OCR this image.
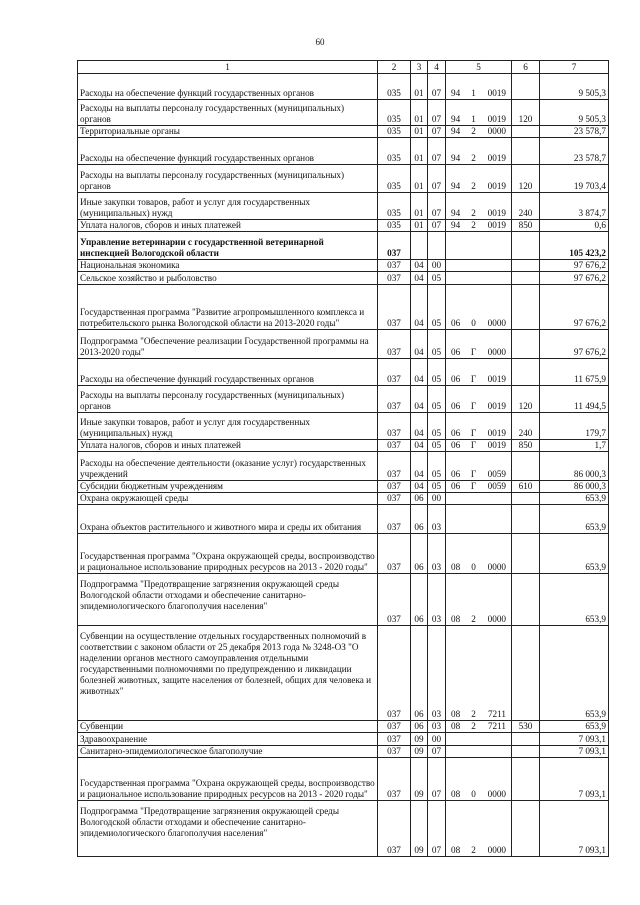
60
1	2	3	4	5	6	7
Расходы на обеспечение функций государственных органов	035	01	07	94 1 0019		9 505,3
Расходы на выплаты персоналу государственных (муниципальных) органов	035	01	07	94 1 0019	120	9 505,3
Территориальные органы	035	01	07	94 2 0000		23 578,7
Расходы на обеспечение функций государственных органов	035	01	07	94 2 0019		23 578,7
Расходы на выплаты персоналу государственных (муниципальных) органов	035	01	07	94 2 0019	120	19 703,4
Иные закупки товаров, работ и услуг для государственных (муниципальных) нужд	035	01	07	94 2 0019	240	3 874,7
Уплата налогов, сборов и иных платежей	035	01	07	94 2 0019	850	0,6
Управление ветеринарии с государственной ветеринарной инспекцией Вологодской области	037					105 423,2
Национальная экономика	037	04	00			97 676,2
Сельское хозяйство и рыболовство	037	04	05			97 676,2
Государственная программа "Развитие агропромышленного комплекса и потребительского рынка Вологодской области на 2013-2020 годы"	037	04	05	06 0 0000		97 676,2
Подпрограмма "Обеспечение реализации Государственной программы на 2013-2020 годы"	037	04	05	06 Г 0000		97 676,2
Расходы на обеспечение функций государственных органов	037	04	05	06 Г 0019		11 675,9
Расходы на выплаты персоналу государственных (муниципальных) органов	037	04	05	06 Г 0019	120	11 494,5
Иные закупки товаров, работ и услуг для государственных (муниципальных) нужд	037	04	05	06 Г 0019	240	179,7
Уплата налогов, сборов и иных платежей	037	04	05	06 Г 0019	850	1,7
Расходы на обеспечение деятельности (оказание услуг) государственных учреждений	037	04	05	06 Г 0059		86 000,3
Субсидии бюджетным учреждениям	037	04	05	06 Г 0059	610	86 000,3
Охрана окружающей среды	037	06	00			653,9
Охрана объектов растительного и животного мира и среды их обитания	037	06	03			653,9
Государственная программа "Охрана окружающей среды, воспроизводство и рациональное использование природных ресурсов на 2013 - 2020 годы"	037	06	03	08 0 0000		653,9
Подпрограмма "Предотвращение загрязнения окружающей среды Вологодской области отходами и обеспечение санитарно-эпидемиологического благополучия населения"	037	06	03	08 2 0000		653,9
Субвенции на осуществление отдельных государственных полномочий в соответствии с законом области от 25 декабря 2013 года № 3248-ОЗ "О наделении органов местного самоуправления отдельными государственными полномочиями по предупреждению и ликвидации болезней животных, защите населения от болезней, общих для человека и животных"	037	06	03	08	2	7211		653,9
Субвенции	037	06	03	08 2 7211	530	653,9
Здравоохранение	037	09	00			7 093,1
Санитарно-эпидемиологическое благополучие	037	09	07			7 093,1
Государственная программа "Охрана окружающей среды, воспроизводство и рациональное использование природных ресурсов на 2013 - 2020 годы"	037	09	07	08 0 0000		7 093,1
Подпрограмма "Предотвращение загрязнения окружающей среды Вологодской области отходами и обеспечение санитарно-эпидемиологического благополучия населения"	037	09	07	08 2 0000		7 093,1
